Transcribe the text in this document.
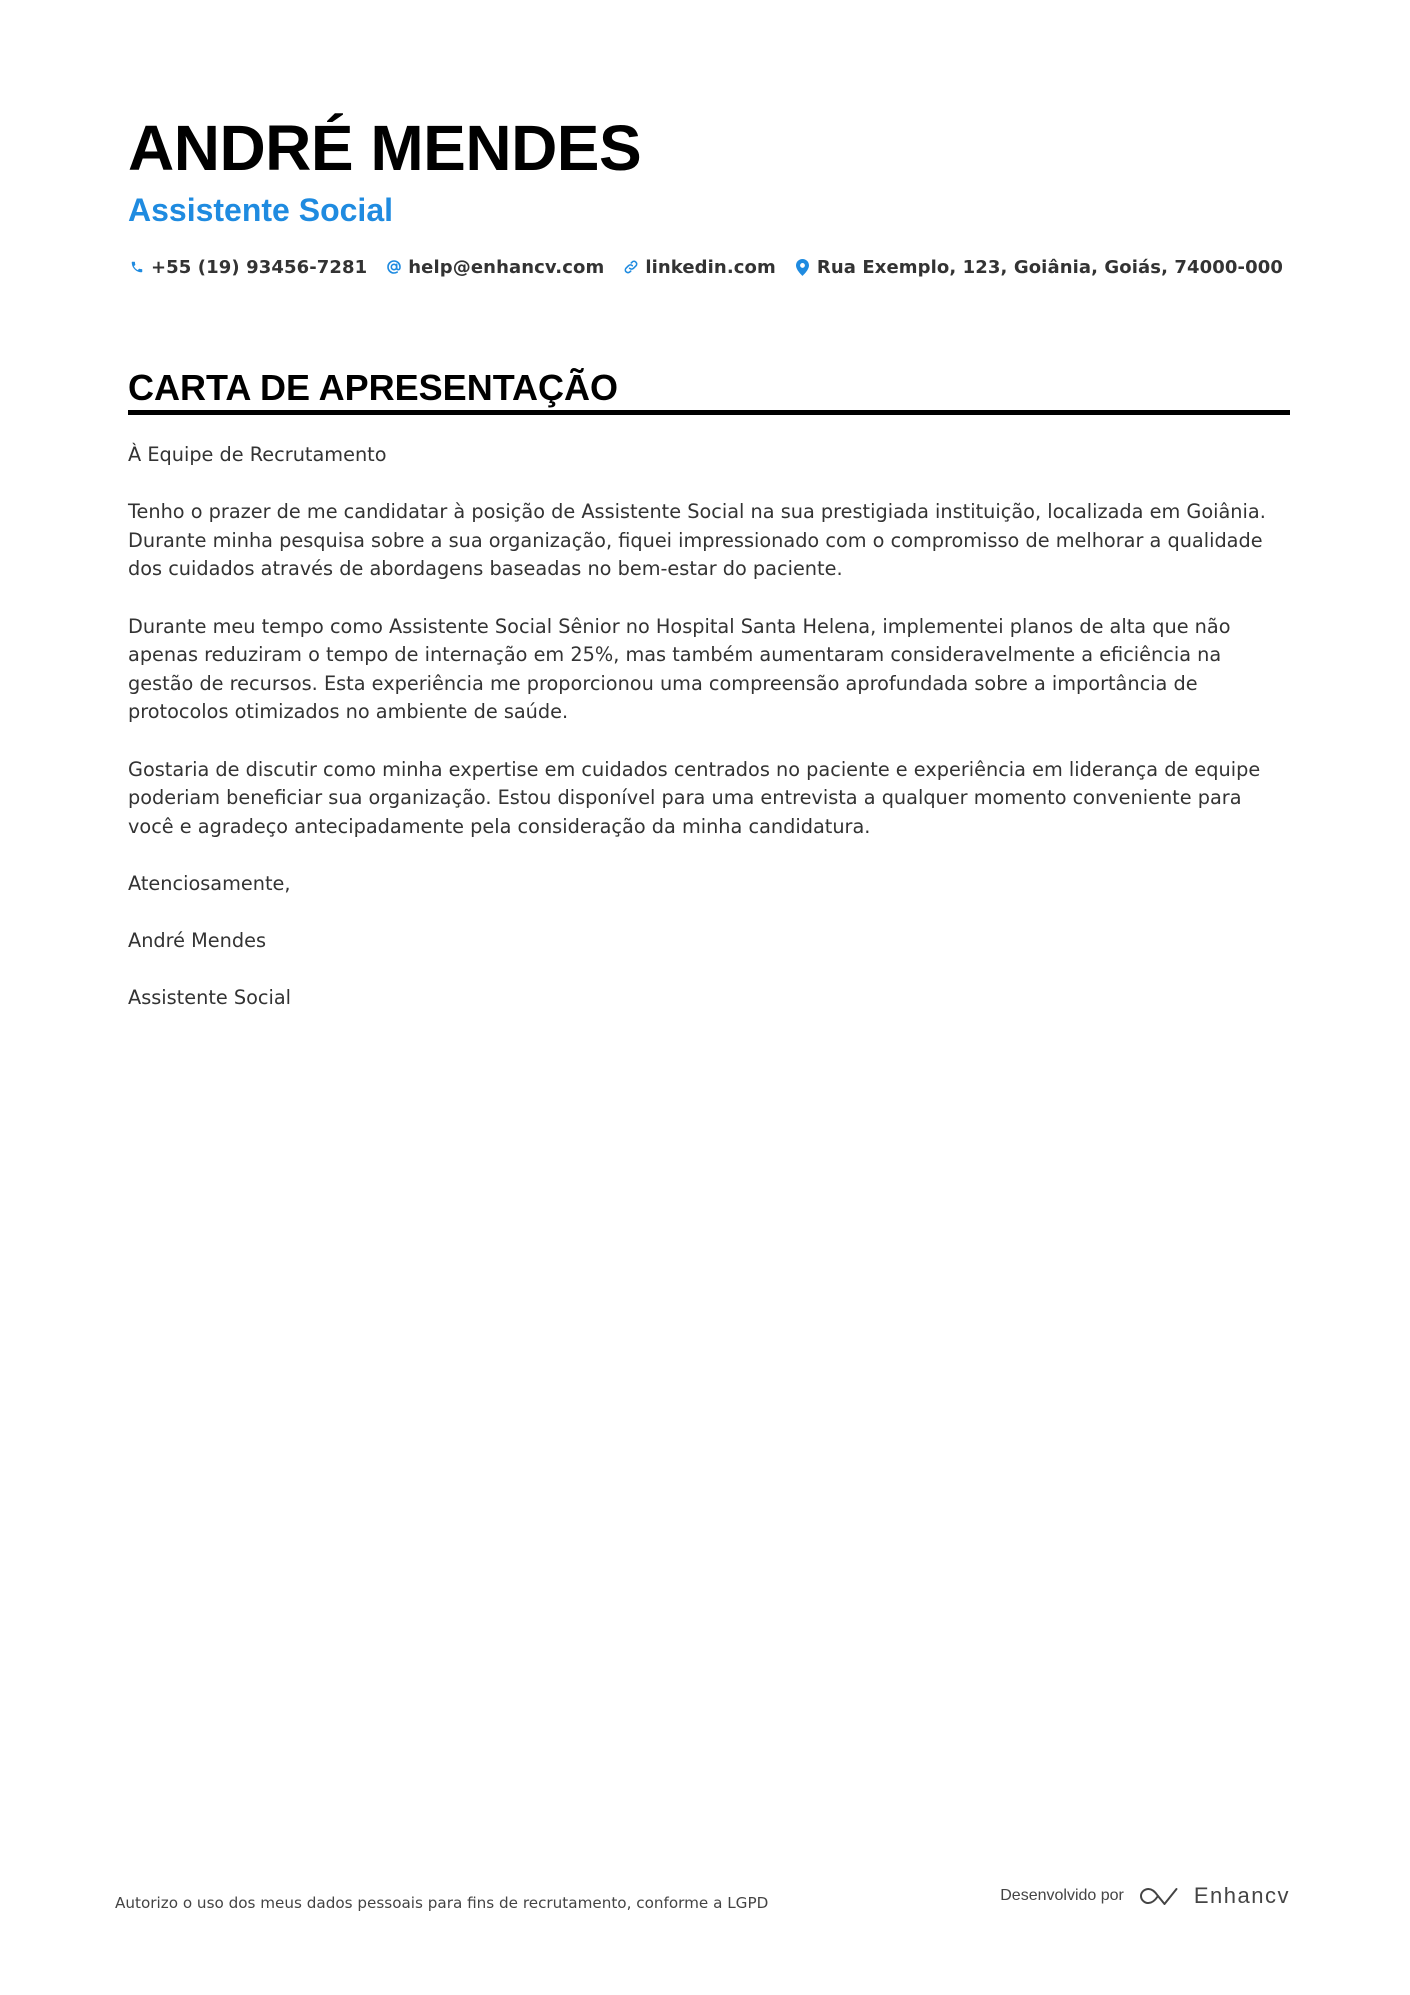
ANDRÉ MENDES
Assistente Social
+55 (19) 93456-7281 help@enhancv.com linkedin.com Rua Exemplo, 123, Goiânia, Goiás, 74000-000
CARTA DE APRESENTAÇÃO

À Equipe de Recrutamento

Tenho o prazer de me candidatar à posição de Assistente Social na sua prestigiada instituição, localizada em Goiânia. Durante minha pesquisa sobre a sua organização, fiquei impressionado com o compromisso de melhorar a qualidade dos cuidados através de abordagens baseadas no bem-estar do paciente.

Durante meu tempo como Assistente Social Sênior no Hospital Santa Helena, implementei planos de alta que não apenas reduziram o tempo de internação em 25%, mas também aumentaram consideravelmente a eficiência na gestão de recursos. Esta experiência me proporcionou uma compreensão aprofundada sobre a importância de protocolos otimizados no ambiente de saúde.

Gostaria de discutir como minha expertise em cuidados centrados no paciente e experiência em liderança de equipe poderiam beneficiar sua organização. Estou disponível para uma entrevista a qualquer momento conveniente para você e agradeço antecipadamente pela consideração da minha candidatura.

Atenciosamente,

André Mendes

Assistente Social

Autorizo o uso dos meus dados pessoais para fins de recrutamento, conforme a LGPD	Desenvolvido por	Enhancv
